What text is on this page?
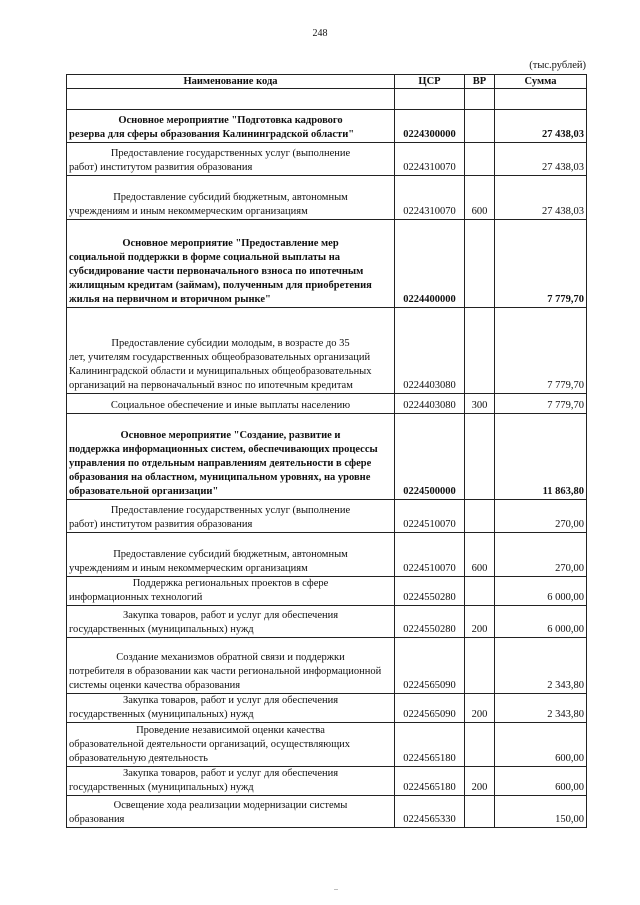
248
(тыс.рублей)
Наименование кода	ЦСР	ВР	Сумма

Основное мероприятие "Подготовка кадрового
резерва для сферы образования Калининградской области"	0224300000		27 438,03

Предоставление государственных услуг (выполнение
работ) институтом развития образования	0224310070		27 438,03

Предоставление субсидий бюджетным, автономным
учреждениям и иным некоммерческим организациям	0224310070	600	27 438,03

Основное мероприятие "Предоставление мер
социальной поддержки в форме социальной выплаты на субсидирование части первоначального взноса по ипотечным жилищным кредитам (займам), полученным для приобретения жилья на первичном и вторичном рынке"	0224400000		7 779,70

Предоставление субсидии молодым, в возрасте до 35
лет, учителям государственных общеобразовательных организаций Калининградской области и муниципальных общеобразовательных организаций на первоначальный взнос по ипотечным кредитам	0224403080		7 779,70

Социальное обеспечение и иные выплаты населению	0224403080	300	7 779,70

Основное мероприятие "Создание, развитие и
поддержка информационных систем, обеспечивающих процессы управления по отдельным направлениям деятельности в сфере образования на областном, муниципальном уровнях, на уровне образовательной организации"	0224500000		11 863,80

Предоставление государственных услуг (выполнение
работ) институтом развития образования	0224510070		270,00

Предоставление субсидий бюджетным, автономным
учреждениям и иным некоммерческим организациям	0224510070	600	270,00

Поддержка региональных проектов в сфере
информационных технологий	0224550280		6 000,00

Закупка товаров, работ и услуг для обеспечения
государственных (муниципальных) нужд	0224550280	200	6 000,00

Создание механизмов обратной связи и поддержки
потребителя в образовании как части региональной информационной системы оценки качества образования	0224565090		2 343,80

Закупка товаров, работ и услуг для обеспечения
государственных (муниципальных) нужд	0224565090	200	2 343,80

Проведение независимой оценки качества
образовательной деятельности организаций, осуществляющих образовательную деятельность	0224565180		600,00

Закупка товаров, работ и услуг для обеспечения
государственных (муниципальных) нужд	0224565180	200	600,00

Освещение хода реализации модернизации системы
образования	0224565330		150,00
..
